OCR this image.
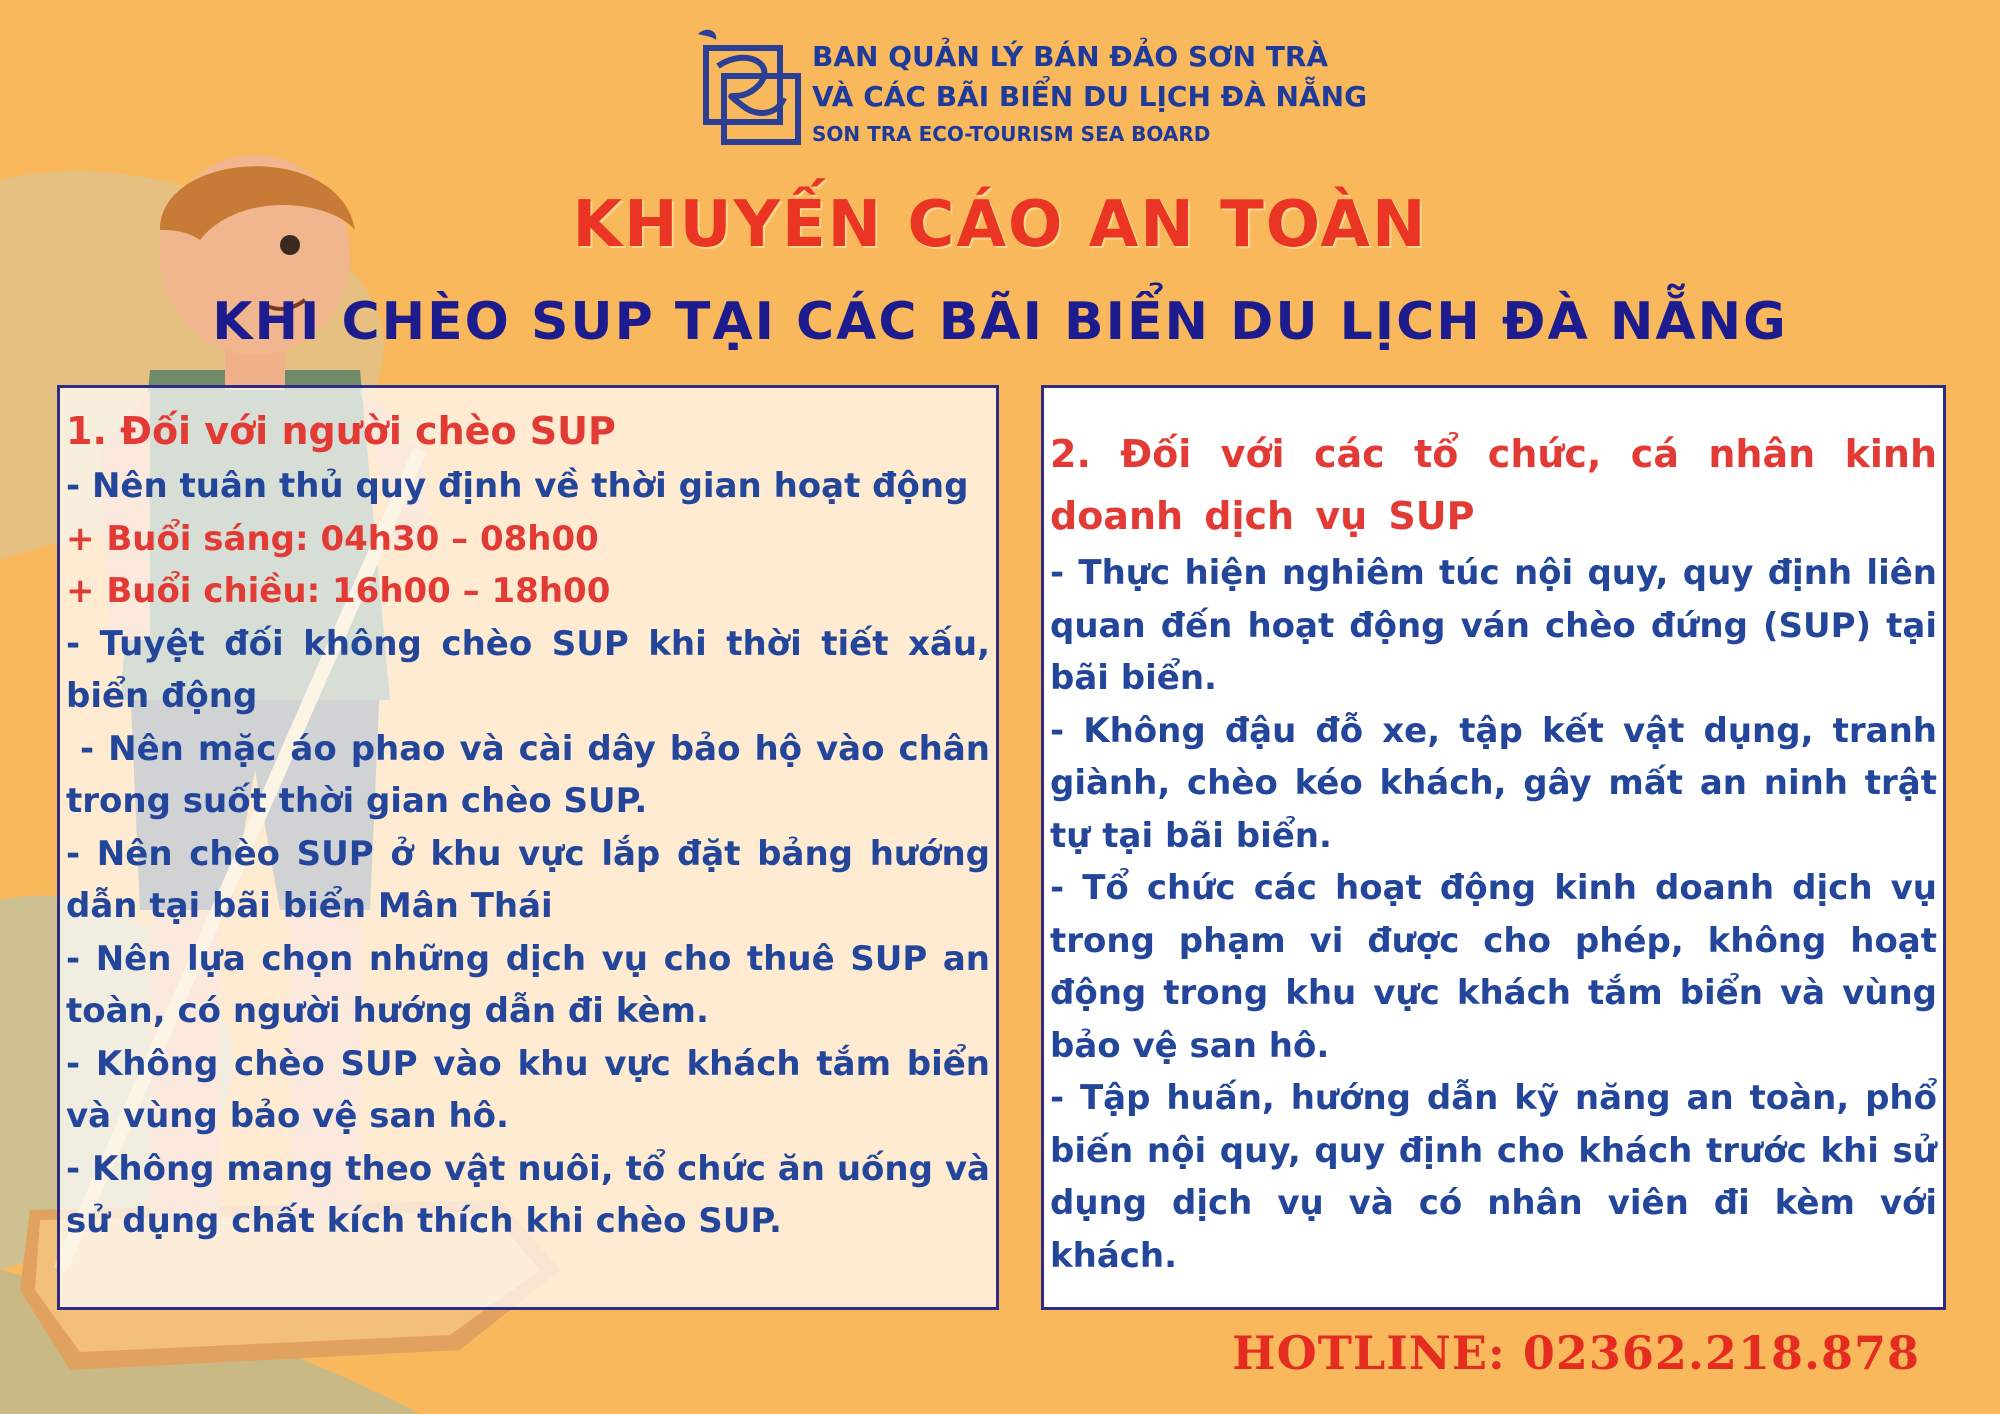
BAN QUẢN LÝ BÁN ĐẢO SƠN TRÀ
VÀ CÁC BÃI BIỂN DU LỊCH ĐÀ NẴNG
SON TRA ECO-TOURISM SEA BOARD
KHUYẾN CÁO AN TOÀN
KHI CHÈO SUP TẠI CÁC BÃI BIỂN DU LỊCH ĐÀ NẴNG
1. Đối với người chèo SUP
- Nên tuân thủ quy định về thời gian hoạt động
+ Buổi sáng: 04h30 – 08h00
+ Buổi chiều: 16h00 – 18h00
- Tuyệt đối không chèo SUP khi thời tiết xấu, biển động
- Nên mặc áo phao và cài dây bảo hộ vào chân trong suốt thời gian chèo SUP.
- Nên chèo SUP ở khu vực lắp đặt bảng hướng dẫn tại bãi biển Mân Thái
- Nên lựa chọn những dịch vụ cho thuê SUP an toàn, có người hướng dẫn đi kèm.
- Không chèo SUP vào khu vực khách tắm biển và vùng bảo vệ san hô.
- Không mang theo vật nuôi, tổ chức ăn uống và sử dụng chất kích thích khi chèo SUP.
2. Đối với các tổ chức, cá nhân kinh doanh dịch vụ SUP
- Thực hiện nghiêm túc nội quy, quy định liên quan đến hoạt động ván chèo đứng (SUP) tại bãi biển.
- Không đậu đỗ xe, tập kết vật dụng, tranh giành, chèo kéo khách, gây mất an ninh trật tự tại bãi biển.
- Tổ chức các hoạt động kinh doanh dịch vụ trong phạm vi được cho phép, không hoạt động trong khu vực khách tắm biển và vùng bảo vệ san hô.
- Tập huấn, hướng dẫn kỹ năng an toàn, phổ biến nội quy, quy định cho khách trước khi sử dụng dịch vụ và có nhân viên đi kèm với khách.
HOTLINE: 02362.218.878
